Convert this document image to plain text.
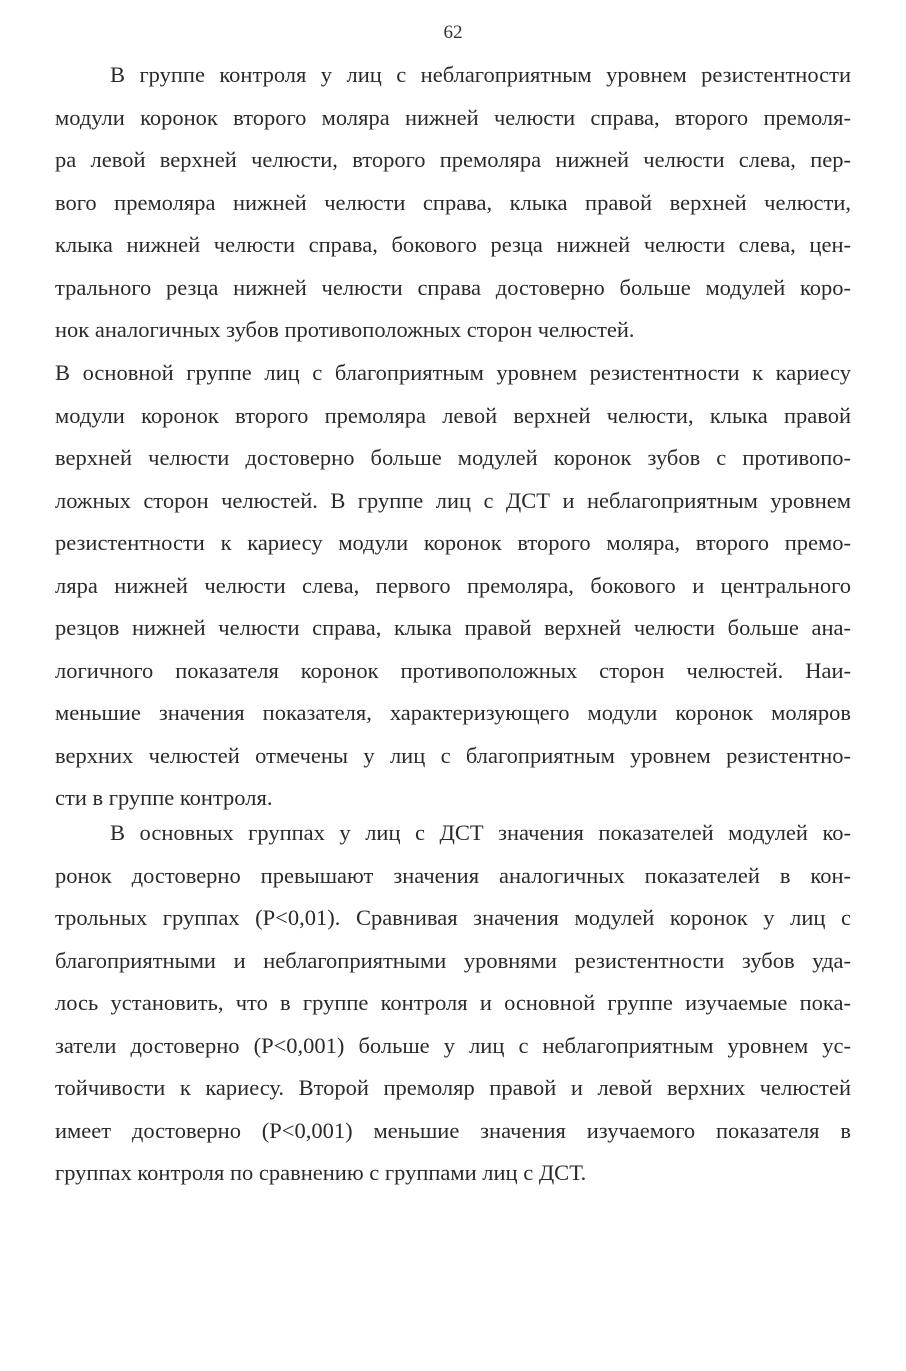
62
В группе контроля у лиц с неблагоприятным уровнем резистентности
модули коронок второго моляра нижней челюсти справа, второго премоля-
ра левой верхней челюсти, второго премоляра нижней челюсти слева, пер-
вого премоляра нижней челюсти справа, клыка правой верхней челюсти,
клыка нижней челюсти справа, бокового резца нижней челюсти слева, цен-
трального резца нижней челюсти справа достоверно больше модулей коро-
нок аналогичных зубов противоположных сторон челюстей.
В основной группе лиц с благоприятным уровнем резистентности к кариесу
модули коронок второго премоляра левой верхней челюсти, клыка правой
верхней челюсти достоверно больше модулей коронок зубов с противопо-
ложных сторон челюстей. В группе лиц с ДСТ и неблагоприятным уровнем
резистентности к кариесу модули коронок второго моляра, второго премо-
ляра нижней челюсти слева, первого премоляра, бокового и центрального
резцов нижней челюсти справа, клыка правой верхней челюсти больше ана-
логичного показателя коронок противоположных сторон челюстей. Наи-
меньшие значения показателя, характеризующего модули коронок моляров
верхних челюстей отмечены у лиц с благоприятным уровнем резистентно-
сти в группе контроля.
В основных группах у лиц с ДСТ значения показателей модулей ко-
ронок достоверно превышают значения аналогичных показателей в кон-
трольных группах (Р<0,01). Сравнивая значения модулей коронок у лиц с
благоприятными и неблагоприятными уровнями резистентности зубов уда-
лось установить, что в группе контроля и основной группе изучаемые пока-
затели достоверно (Р<0,001) больше у лиц с неблагоприятным уровнем ус-
тойчивости к кариесу. Второй премоляр правой и левой верхних челюстей
имеет достоверно (Р<0,001) меньшие значения изучаемого показателя в
группах контроля по сравнению с группами лиц с ДСТ.
